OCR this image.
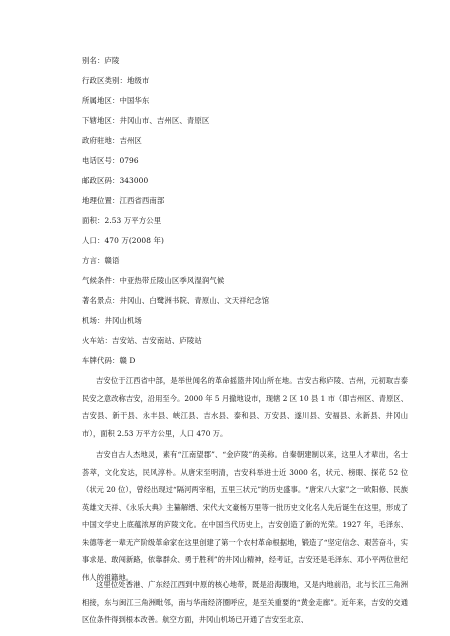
别名：庐陵
行政区类别：地级市
所属地区：中国华东
下辖地区：井冈山市、吉州区、青原区
政府驻地：吉州区
电话区号：0796
邮政区码：343000
地理位置：江西省西南部
面积：2.53 万平方公里
人口：470 万(2008 年)
方言：赣语
气候条件：中亚热带丘陵山区季风湿润气候
著名景点：井冈山、白鹭洲书院、青原山、文天祥纪念馆
机场：井冈山机场
火车站：吉安站、吉安南站、庐陵站
车牌代码：赣 D

吉安位于江西省中部，是举世闻名的革命摇篮井冈山所在地。吉安古称庐陵、吉州，元初取吉泰民安之意改称吉安，沿用至今。2000 年 5 月撤地设市，现辖 2 区 10 县 1 市（即吉州区、青原区、吉安县、新干县、永丰县、峡江县、吉水县、泰和县、万安县、遂川县、安福县、永新县、井冈山市），面积 2.53 万平方公里，人口 470 万。

吉安自古人杰地灵，素有“江南望郡”、“金庐陵”的美称。自秦朝建制以来，这里人才辈出，名士荟萃，文化发达，民风淳朴。从唐宋至明清，吉安科举进士近 3000 名，状元、榜眼、探花 52 位（状元 20 位），曾经出现过“隔河两宰相，五里三状元”的历史盛事。“唐宋八大家”之一欧阳修、民族英雄文天祥、《永乐大典》主纂解缙、宋代大文豪杨万里等一批历史文化名人先后诞生在这里，形成了中国文学史上底蕴浓厚的庐陵文化。在中国当代历史上，吉安创造了新的光荣。1927 年，毛泽东、朱德等老一辈无产阶级革命家在这里创建了第一个农村革命根据地，锻造了“坚定信念、艰苦奋斗，实事求是、敢闯新路，依靠群众、勇于胜利”的井冈山精神，经考证，吉安还是毛泽东、邓小平两位世纪伟人的祖籍地。

这里位处香港、广东经江西到中原的核心地带，既是沿海腹地，又是内地前沿，北与长江三角洲相接，东与闽江三角洲毗邻，南与华南经济圈呼应，是至关重要的“黄金走廊”。近年来，吉安的交通区位条件得到根本改善。航空方面，井冈山机场已开通了吉安至北京、
